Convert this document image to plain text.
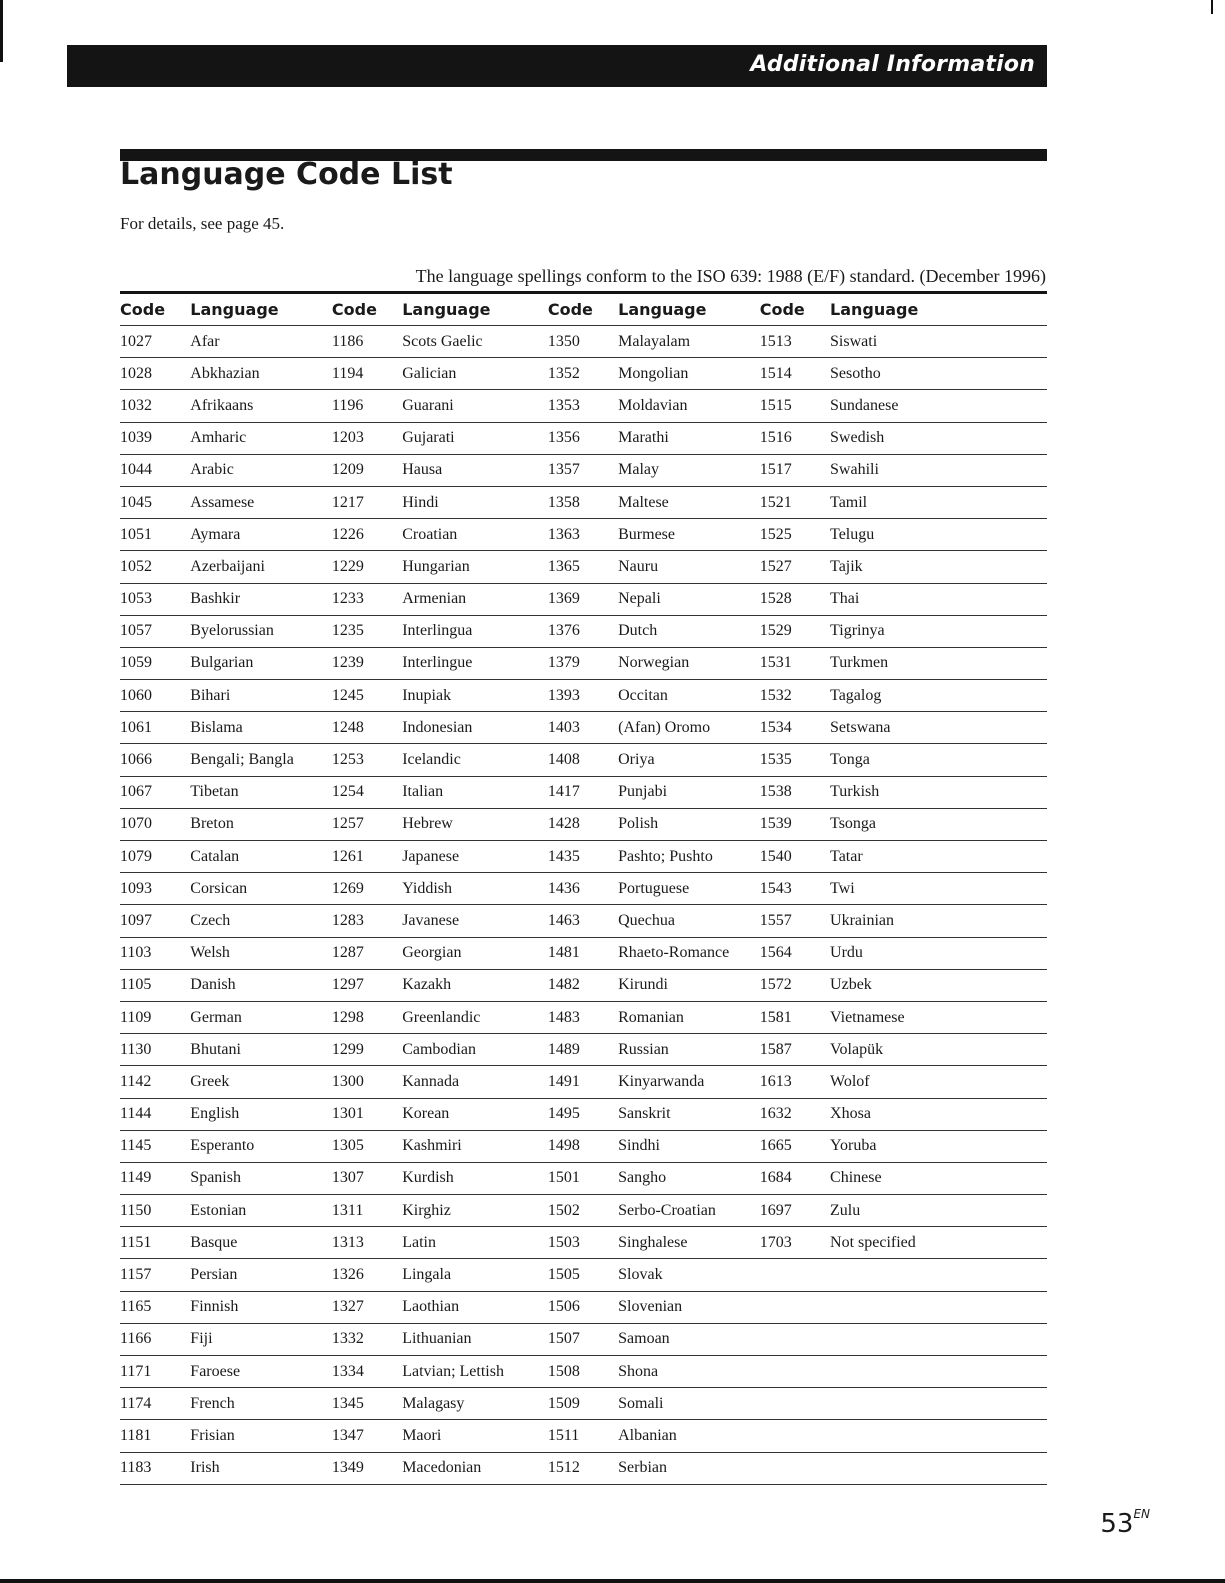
Additional Information
Language Code List
For details, see page 45.
The language spellings conform to the ISO 639: 1988 (E/F) standard. (December 1996)
Code	Language	Code	Language	Code	Language	Code	Language
1027	Afar	1186	Scots Gaelic	1350	Malayalam	1513	Siswati
1028	Abkhazian	1194	Galician	1352	Mongolian	1514	Sesotho
1032	Afrikaans	1196	Guarani	1353	Moldavian	1515	Sundanese
1039	Amharic	1203	Gujarati	1356	Marathi	1516	Swedish
1044	Arabic	1209	Hausa	1357	Malay	1517	Swahili
1045	Assamese	1217	Hindi	1358	Maltese	1521	Tamil
1051	Aymara	1226	Croatian	1363	Burmese	1525	Telugu
1052	Azerbaijani	1229	Hungarian	1365	Nauru	1527	Tajik
1053	Bashkir	1233	Armenian	1369	Nepali	1528	Thai
1057	Byelorussian	1235	Interlingua	1376	Dutch	1529	Tigrinya
1059	Bulgarian	1239	Interlingue	1379	Norwegian	1531	Turkmen
1060	Bihari	1245	Inupiak	1393	Occitan	1532	Tagalog
1061	Bislama	1248	Indonesian	1403	(Afan) Oromo	1534	Setswana
1066	Bengali; Bangla	1253	Icelandic	1408	Oriya	1535	Tonga
1067	Tibetan	1254	Italian	1417	Punjabi	1538	Turkish
1070	Breton	1257	Hebrew	1428	Polish	1539	Tsonga
1079	Catalan	1261	Japanese	1435	Pashto; Pushto	1540	Tatar
1093	Corsican	1269	Yiddish	1436	Portuguese	1543	Twi
1097	Czech	1283	Javanese	1463	Quechua	1557	Ukrainian
1103	Welsh	1287	Georgian	1481	Rhaeto-Romance	1564	Urdu
1105	Danish	1297	Kazakh	1482	Kirundi	1572	Uzbek
1109	German	1298	Greenlandic	1483	Romanian	1581	Vietnamese
1130	Bhutani	1299	Cambodian	1489	Russian	1587	Volapük
1142	Greek	1300	Kannada	1491	Kinyarwanda	1613	Wolof
1144	English	1301	Korean	1495	Sanskrit	1632	Xhosa
1145	Esperanto	1305	Kashmiri	1498	Sindhi	1665	Yoruba
1149	Spanish	1307	Kurdish	1501	Sangho	1684	Chinese
1150	Estonian	1311	Kirghiz	1502	Serbo-Croatian	1697	Zulu
1151	Basque	1313	Latin	1503	Singhalese	1703	Not specified
1157	Persian	1326	Lingala	1505	Slovak		
1165	Finnish	1327	Laothian	1506	Slovenian		
1166	Fiji	1332	Lithuanian	1507	Samoan		
1171	Faroese	1334	Latvian; Lettish	1508	Shona		
1174	French	1345	Malagasy	1509	Somali		
1181	Frisian	1347	Maori	1511	Albanian		
1183	Irish	1349	Macedonian	1512	Serbian		
$53^{EN}$
